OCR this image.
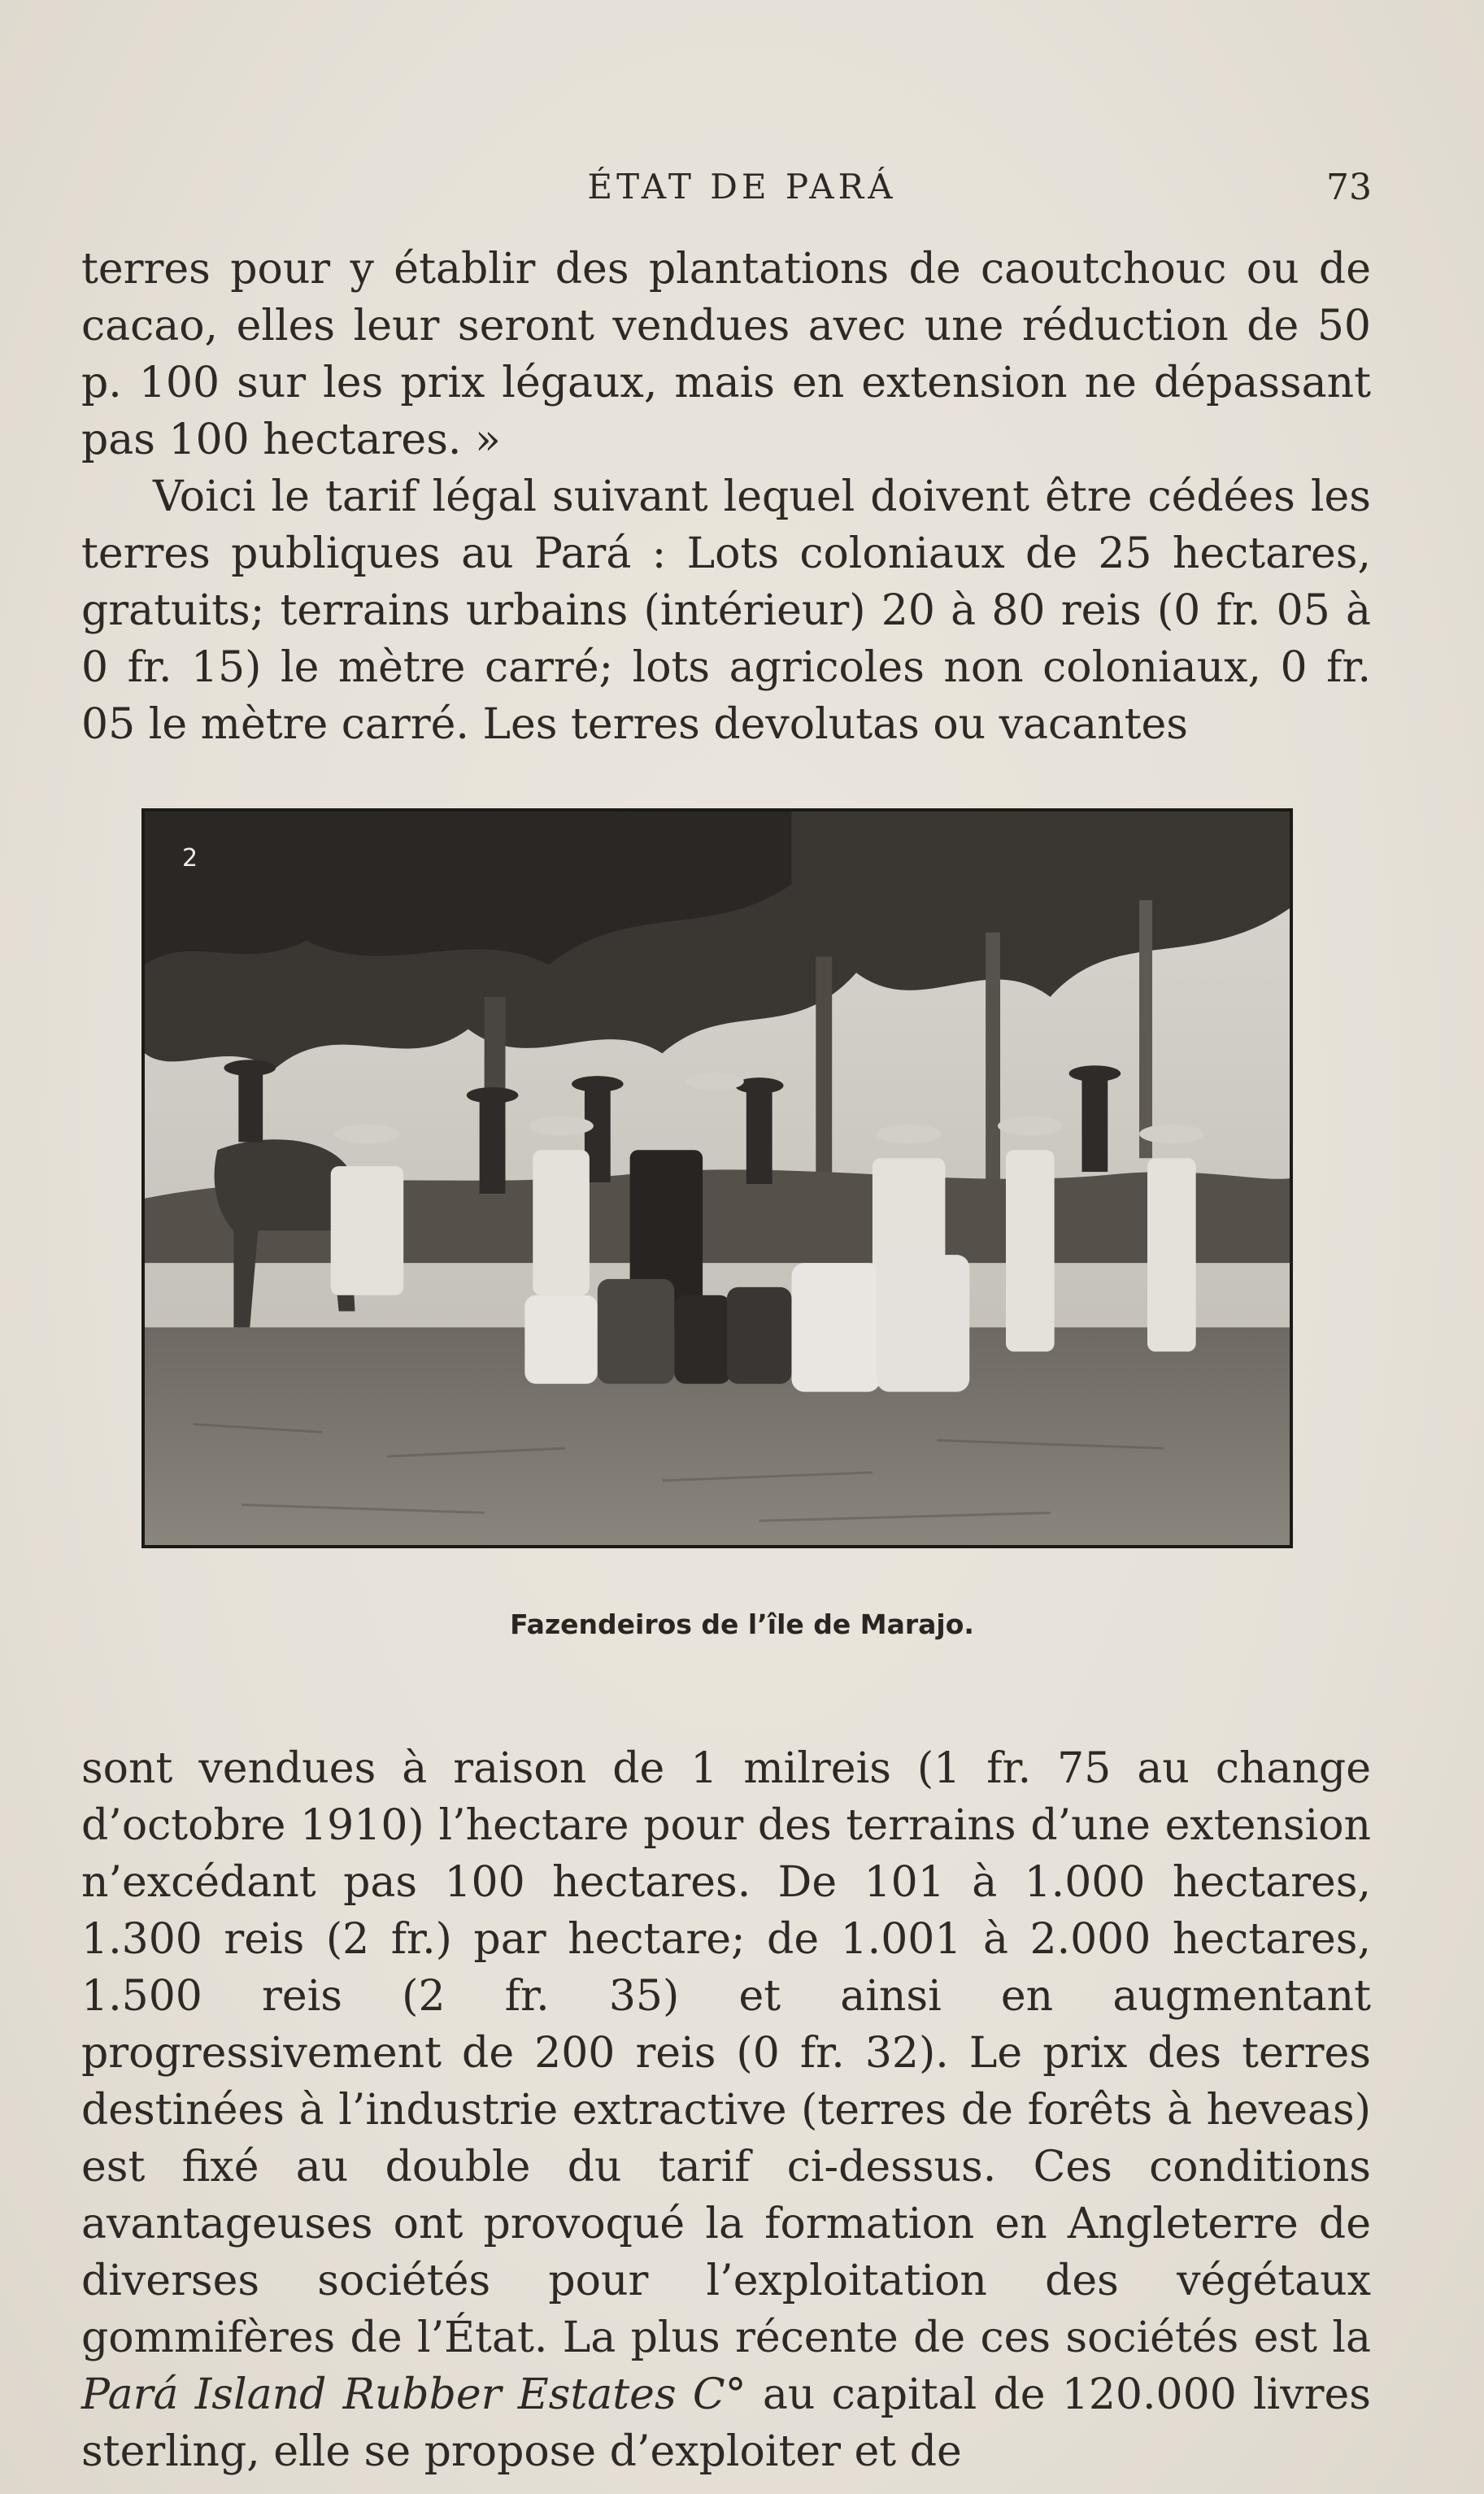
ÉTAT DE PARÁ	73

terres pour y établir des plantations de caoutchouc ou de cacao, elles leur seront vendues avec une réduction de 50 p. 100 sur les prix légaux, mais en extension ne dépassant pas 100 hectares. »

Voici le tarif légal suivant lequel doivent être cédées les terres publiques au Pará : Lots coloniaux de 25 hectares, gratuits; terrains urbains (intérieur) 20 à 80 reis (0 fr. 05 à 0 fr. 15) le mètre carré; lots agricoles non coloniaux, 0 fr. 05 le mètre carré. Les terres devolutas ou vacantes

2
Fazendeiros de l’île de Marajo.

sont vendues à raison de 1 milreis (1 fr. 75 au change d’octobre 1910) l’hectare pour des terrains d’une extension n’excédant pas 100 hectares. De 101 à 1.000 hectares, 1.300 reis (2 fr.) par hectare; de 1.001 à 2.000 hectares, 1.500 reis (2 fr. 35) et ainsi en augmentant progressivement de 200 reis (0 fr. 32). Le prix des terres destinées à l’industrie extractive (terres de forêts à heveas) est fixé au double du tarif ci-dessus. Ces conditions avantageuses ont provoqué la formation en Angleterre de diverses sociétés pour l’exploitation des végétaux gommifères de l’État. La plus récente de ces sociétés est la Pará Island Rubber Estates C° au capital de 120.000 livres sterling, elle se propose d’exploiter et de
